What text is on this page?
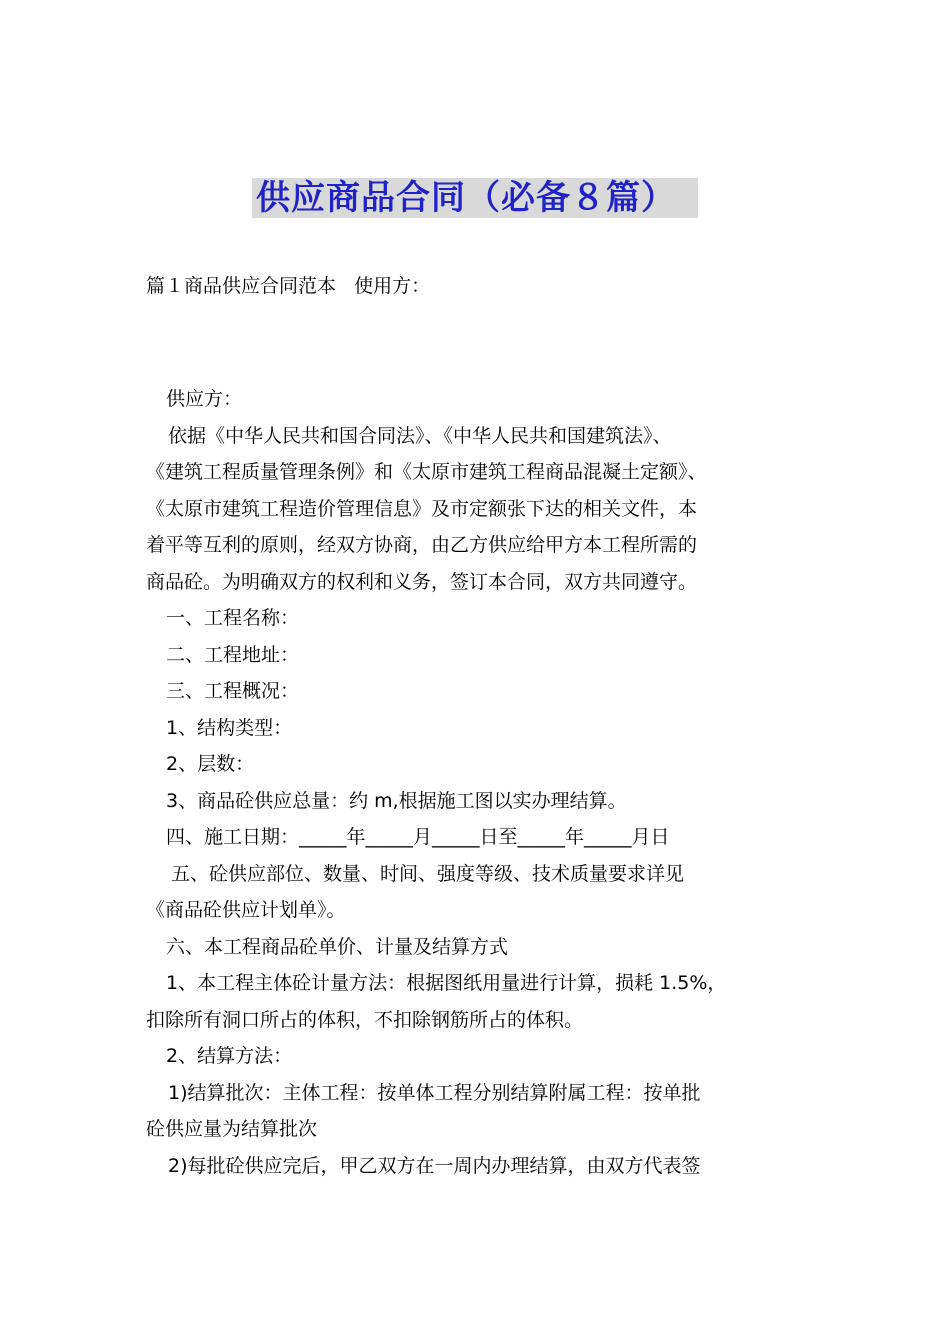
供应商品合同（必备８篇）
篇１商品供应合同范本   使用方：

供应方：

依据《中华人民共和国合同法》、《中华人民共和国建筑法》、

《建筑工程质量管理条例》和《太原市建筑工程商品混凝土定额》、

《太原市建筑工程造价管理信息》及市定额张下达的相关文件，本

着平等互利的原则，经双方协商，由乙方供应给甲方本工程所需的

商品砼。为明确双方的权利和义务，签订本合同，双方共同遵守。

一、工程名称：

二、工程地址：

三、工程概况：

1、结构类型：

2、层数：

3、商品砼供应总量：约 m,根据施工图以实办理结算。

四、施工日期：_____年_____月_____日至_____年_____月日

五、砼供应部位、数量、时间、强度等级、技术质量要求详见

《商品砼供应计划单》。

六、本工程商品砼单价、计量及结算方式

1、本工程主体砼计量方法：根据图纸用量进行计算，损耗 1.5%，

扣除所有洞口所占的体积，不扣除钢筋所占的体积。

2、结算方法：

1)结算批次：主体工程：按单体工程分别结算附属工程：按单批

砼供应量为结算批次

2)每批砼供应完后，甲乙双方在一周内办理结算，由双方代表签
